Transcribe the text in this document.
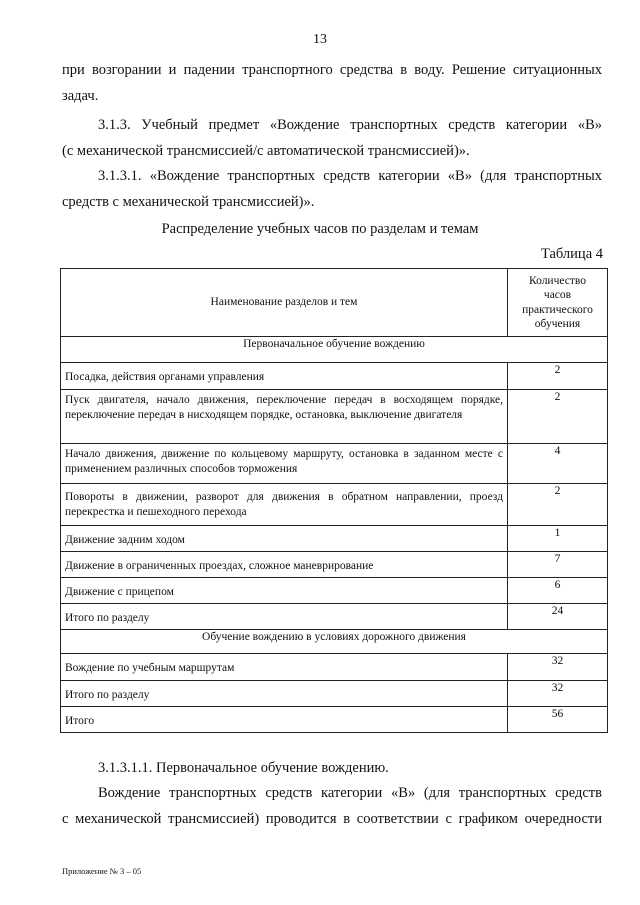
13
при возгорании и падении транспортного средства в воду. Решение ситуационных
задач.
3.1.3. Учебный предмет «Вождение транспортных средств категории «В»
(с механической трансмиссией/с автоматической трансмиссией)».
3.1.3.1. «Вождение транспортных средств категории «В» (для транспортных
средств с механической трансмиссией)».
Распределение учебных часов по разделам и темам
Таблица 4
Наименование разделов и тем	Количество часов практического обучения
Первоначальное обучение вождению	
Посадка, действия органами управления	2
Пуск двигателя, начало движения, переключение передач в восходящем порядке, переключение передач в нисходящем порядке, остановка, выключение двигателя	2
Начало движения, движение по кольцевому маршруту, остановка в заданном месте с применением различных способов торможения	4
Повороты в движении, разворот для движения в обратном направлении, проезд перекрестка и пешеходного перехода	2
Движение задним ходом	1
Движение в ограниченных проездах, сложное маневрирование	7
Движение с прицепом	6
Итого по разделу	24
Обучение вождению в условиях дорожного движения	
Вождение по учебным маршрутам	32
Итого по разделу	32
Итого	56
3.1.3.1.1. Первоначальное обучение вождению.
Вождение транспортных средств категории «В» (для транспортных средств
с механической трансмиссией) проводится в соответствии с графиком очередности
Приложение № 3 – 05
